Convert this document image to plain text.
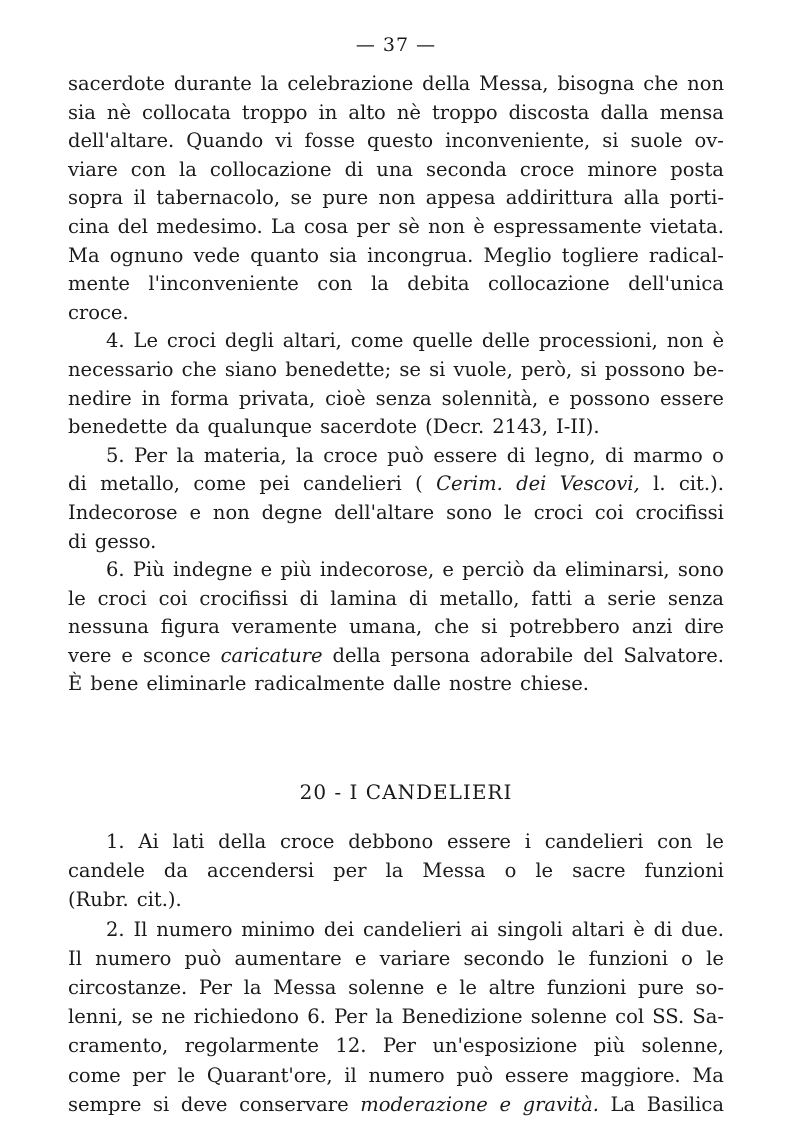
— 37 —
sacerdote durante la celebrazione della Messa, bisogna che non
sia nè collocata troppo in alto nè troppo discosta dalla mensa
dell'altare. Quando vi fosse questo inconveniente, si suole ov-
viare con la collocazione di una seconda croce minore posta
sopra il tabernacolo, se pure non appesa addirittura alla porti-
cina del medesimo. La cosa per sè non è espressamente vietata.
Ma ognuno vede quanto sia incongrua. Meglio togliere radical-
mente l'inconveniente con la debita collocazione dell'unica
croce.
4. Le croci degli altari, come quelle delle processioni, non è
necessario che siano benedette; se si vuole, però, si possono be-
nedire in forma privata, cioè senza solennità, e possono essere
benedette da qualunque sacerdote (Decr. 2143, I-II).
5. Per la materia, la croce può essere di legno, di marmo o
di metallo, come pei candelieri ( Cerim. dei Vescovi, l. cit.).
Indecorose e non degne dell'altare sono le croci coi crocifissi
di gesso.
6. Più indegne e più indecorose, e perciò da eliminarsi, sono
le croci coi crocifissi di lamina di metallo, fatti a serie senza
nessuna figura veramente umana, che si potrebbero anzi dire
vere e sconce caricature della persona adorabile del Salvatore.
È bene eliminarle radicalmente dalle nostre chiese.
20 - I CANDELIERI
1. Ai lati della croce debbono essere i candelieri con le
candele da accendersi per la Messa o le sacre funzioni
(Rubr. cit.).
2. Il numero minimo dei candelieri ai singoli altari è di due.
Il numero può aumentare e variare secondo le funzioni o le
circostanze. Per la Messa solenne e le altre funzioni pure so-
lenni, se ne richiedono 6. Per la Benedizione solenne col SS. Sa-
cramento, regolarmente 12. Per un'esposizione più solenne,
come per le Quarant'ore, il numero può essere maggiore. Ma
sempre si deve conservare moderazione e gravità. La Basilica
